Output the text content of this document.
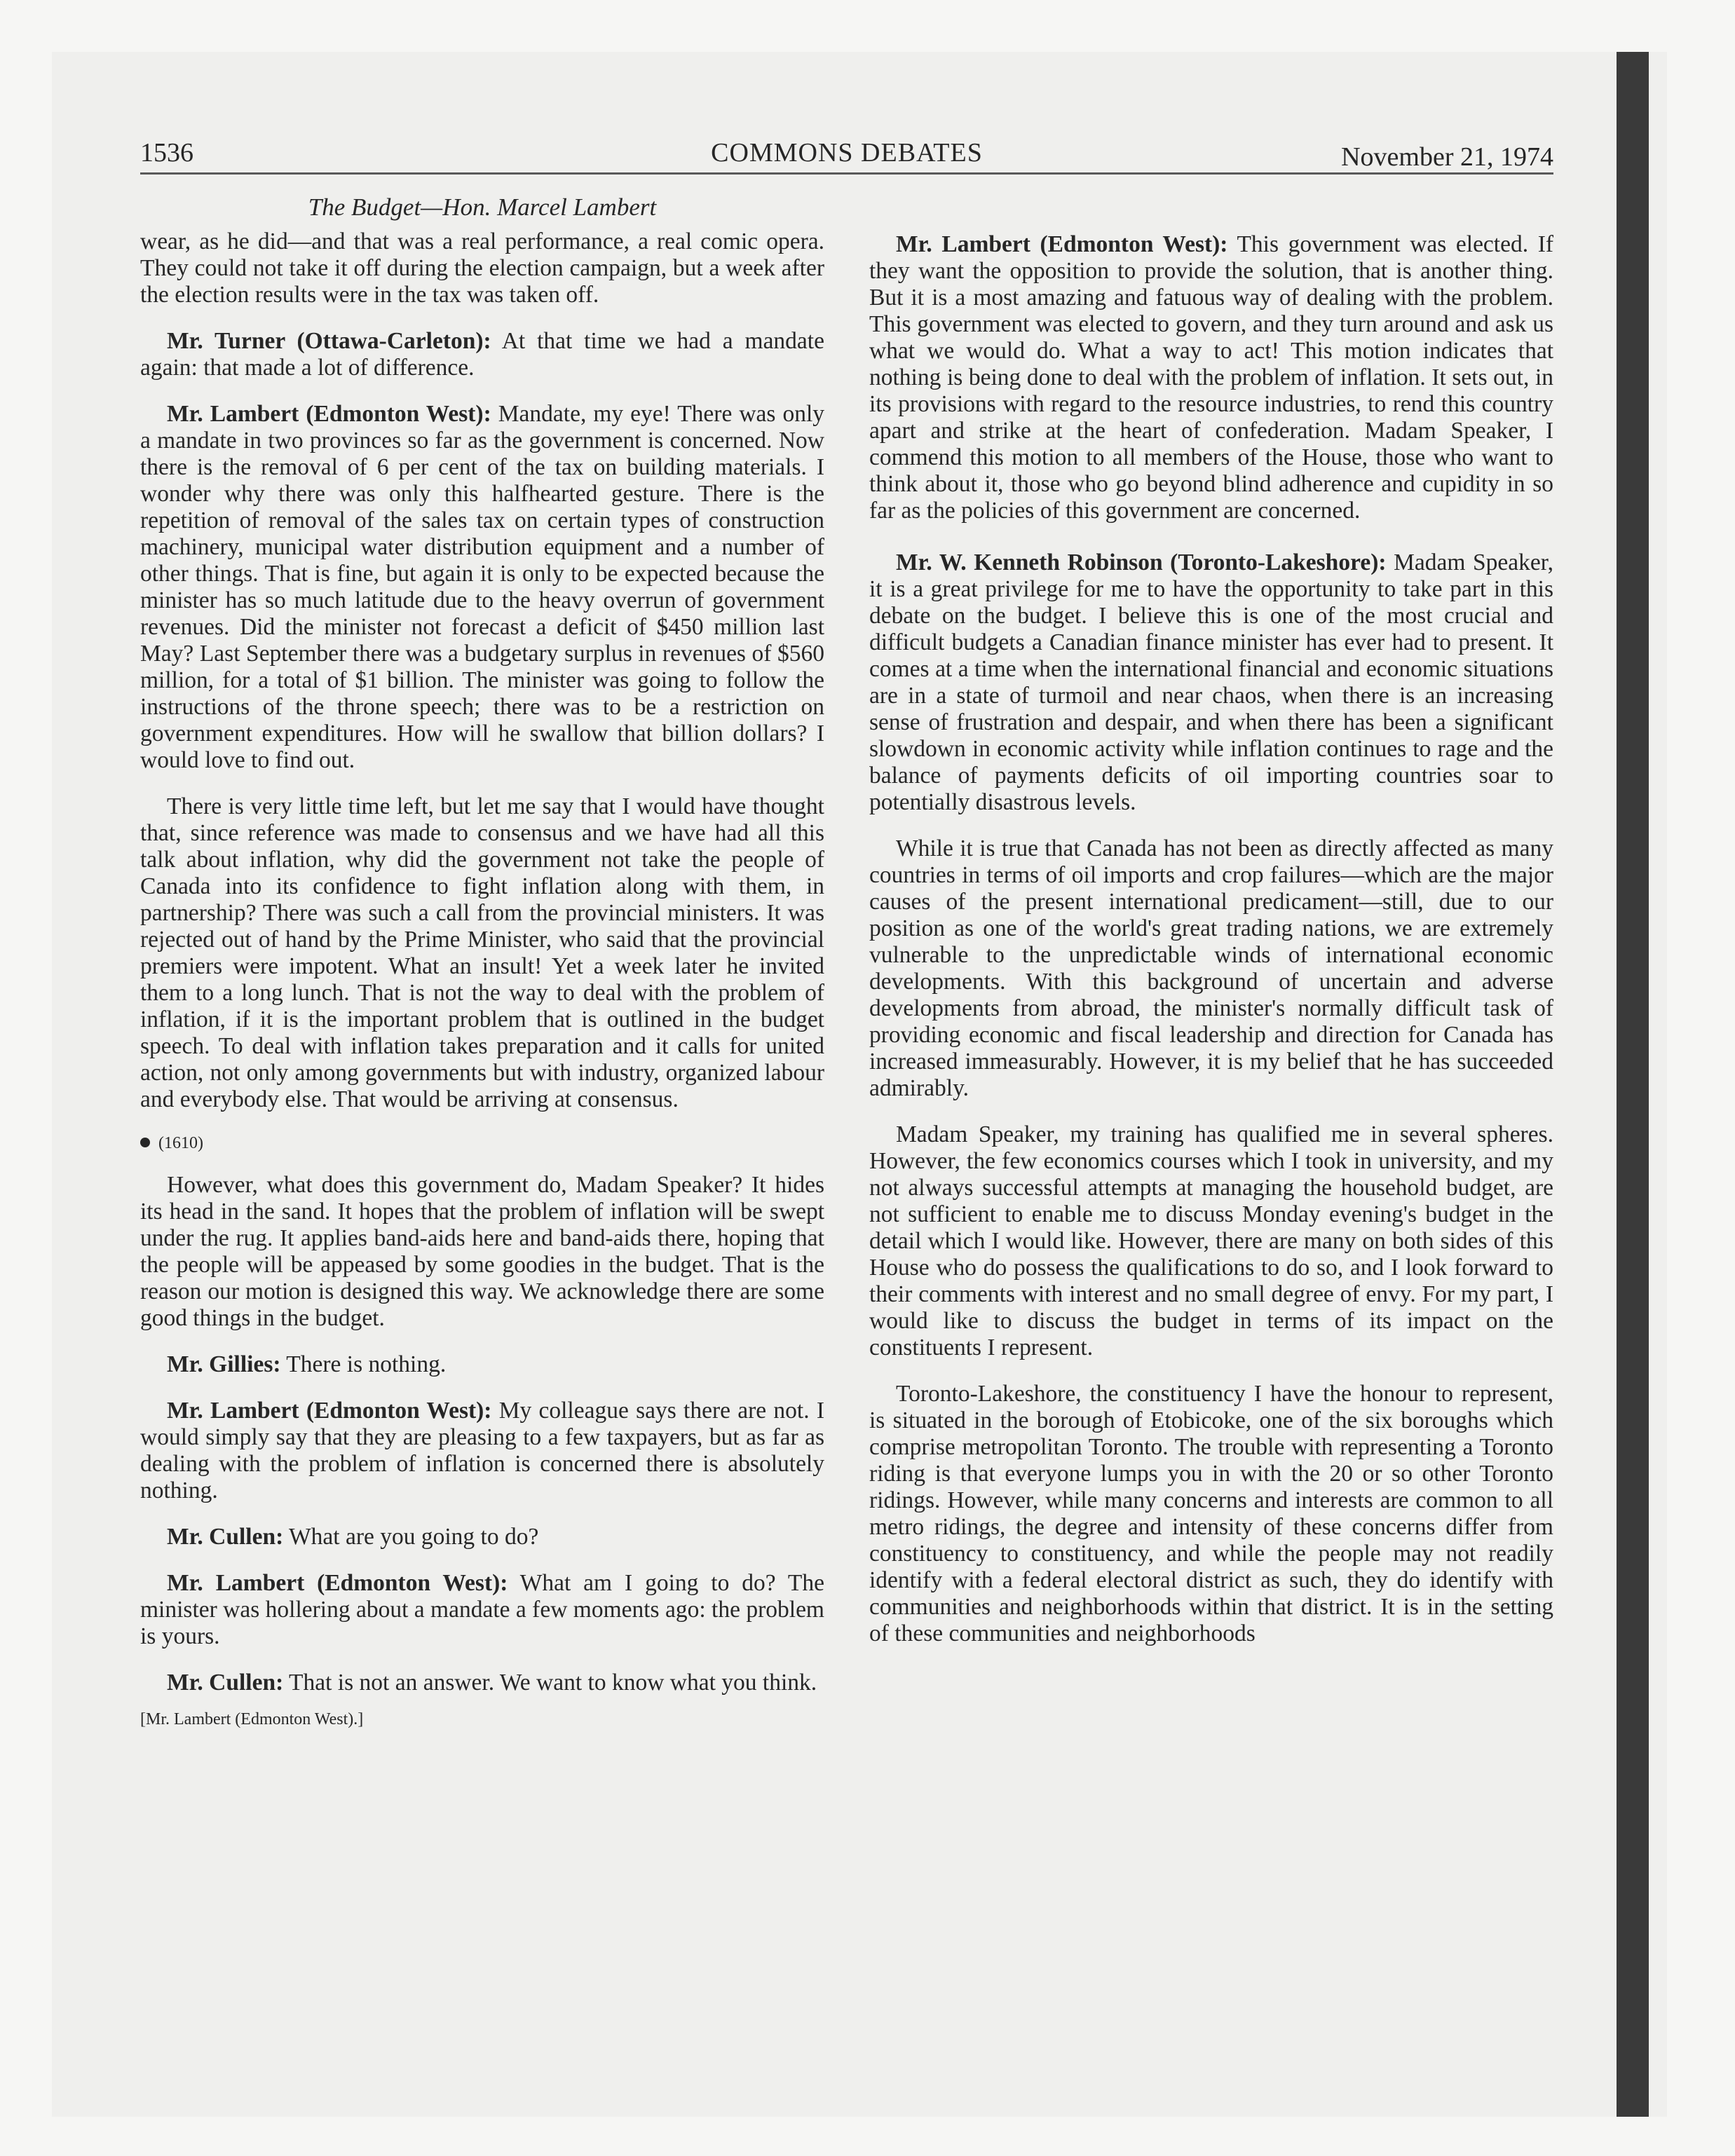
1536	COMMONS DEBATES	November 21, 1974
The Budget—Hon. Marcel Lambert

wear, as he did—and that was a real performance, a real comic opera. They could not take it off during the election campaign, but a week after the election results were in the tax was taken off.

Mr. Turner (Ottawa-Carleton): At that time we had a mandate again: that made a lot of difference.

Mr. Lambert (Edmonton West): Mandate, my eye! There was only a mandate in two provinces so far as the government is concerned. Now there is the removal of 6 per cent of the tax on building materials. I wonder why there was only this halfhearted gesture. There is the repetition of removal of the sales tax on certain types of construction machinery, municipal water distribution equipment and a number of other things. That is fine, but again it is only to be expected because the minister has so much latitude due to the heavy overrun of government revenues. Did the minister not forecast a deficit of $450 million last May? Last September there was a budgetary surplus in revenues of $560 million, for a total of $1 billion. The minister was going to follow the instructions of the throne speech; there was to be a restriction on government expenditures. How will he swallow that billion dollars? I would love to find out.

There is very little time left, but let me say that I would have thought that, since reference was made to consensus and we have had all this talk about inflation, why did the government not take the people of Canada into its confidence to fight inflation along with them, in partnership? There was such a call from the provincial ministers. It was rejected out of hand by the Prime Minister, who said that the provincial premiers were impotent. What an insult! Yet a week later he invited them to a long lunch. That is not the way to deal with the problem of inflation, if it is the important problem that is outlined in the budget speech. To deal with inflation takes preparation and it calls for united action, not only among governments but with industry, organized labour and everybody else. That would be arriving at consensus.

(1610)

However, what does this government do, Madam Speaker? It hides its head in the sand. It hopes that the problem of inflation will be swept under the rug. It applies band-aids here and band-aids there, hoping that the people will be appeased by some goodies in the budget. That is the reason our motion is designed this way. We acknowledge there are some good things in the budget.

Mr. Gillies: There is nothing.

Mr. Lambert (Edmonton West): My colleague says there are not. I would simply say that they are pleasing to a few taxpayers, but as far as dealing with the problem of inflation is concerned there is absolutely nothing.

Mr. Cullen: What are you going to do?

Mr. Lambert (Edmonton West): What am I going to do? The minister was hollering about a mandate a few moments ago: the problem is yours.

Mr. Cullen: That is not an answer. We want to know what you think.

[Mr. Lambert (Edmonton West).]

Mr. Lambert (Edmonton West): This government was elected. If they want the opposition to provide the solution, that is another thing. But it is a most amazing and fatuous way of dealing with the problem. This government was elected to govern, and they turn around and ask us what we would do. What a way to act! This motion indicates that nothing is being done to deal with the problem of inflation. It sets out, in its provisions with regard to the resource industries, to rend this country apart and strike at the heart of confederation. Madam Speaker, I commend this motion to all members of the House, those who want to think about it, those who go beyond blind adherence and cupidity in so far as the policies of this government are concerned.

Mr. W. Kenneth Robinson (Toronto-Lakeshore): Madam Speaker, it is a great privilege for me to have the opportunity to take part in this debate on the budget. I believe this is one of the most crucial and difficult budgets a Canadian finance minister has ever had to present. It comes at a time when the international financial and economic situations are in a state of turmoil and near chaos, when there is an increasing sense of frustration and despair, and when there has been a significant slowdown in economic activity while inflation continues to rage and the balance of payments deficits of oil importing countries soar to potentially disastrous levels.

While it is true that Canada has not been as directly affected as many countries in terms of oil imports and crop failures—which are the major causes of the present international predicament—still, due to our position as one of the world's great trading nations, we are extremely vulnerable to the unpredictable winds of international economic developments. With this background of uncertain and adverse developments from abroad, the minister's normally difficult task of providing economic and fiscal leadership and direction for Canada has increased immeasurably. However, it is my belief that he has succeeded admirably.

Madam Speaker, my training has qualified me in several spheres. However, the few economics courses which I took in university, and my not always successful attempts at managing the household budget, are not sufficient to enable me to discuss Monday evening's budget in the detail which I would like. However, there are many on both sides of this House who do possess the qualifications to do so, and I look forward to their comments with interest and no small degree of envy. For my part, I would like to discuss the budget in terms of its impact on the constituents I represent.

Toronto-Lakeshore, the constituency I have the honour to represent, is situated in the borough of Etobicoke, one of the six boroughs which comprise metropolitan Toronto. The trouble with representing a Toronto riding is that everyone lumps you in with the 20 or so other Toronto ridings. However, while many concerns and interests are common to all metro ridings, the degree and intensity of these concerns differ from constituency to constituency, and while the people may not readily identify with a federal electoral district as such, they do identify with communities and neighborhoods within that district. It is in the setting of these communities and neighborhoods
